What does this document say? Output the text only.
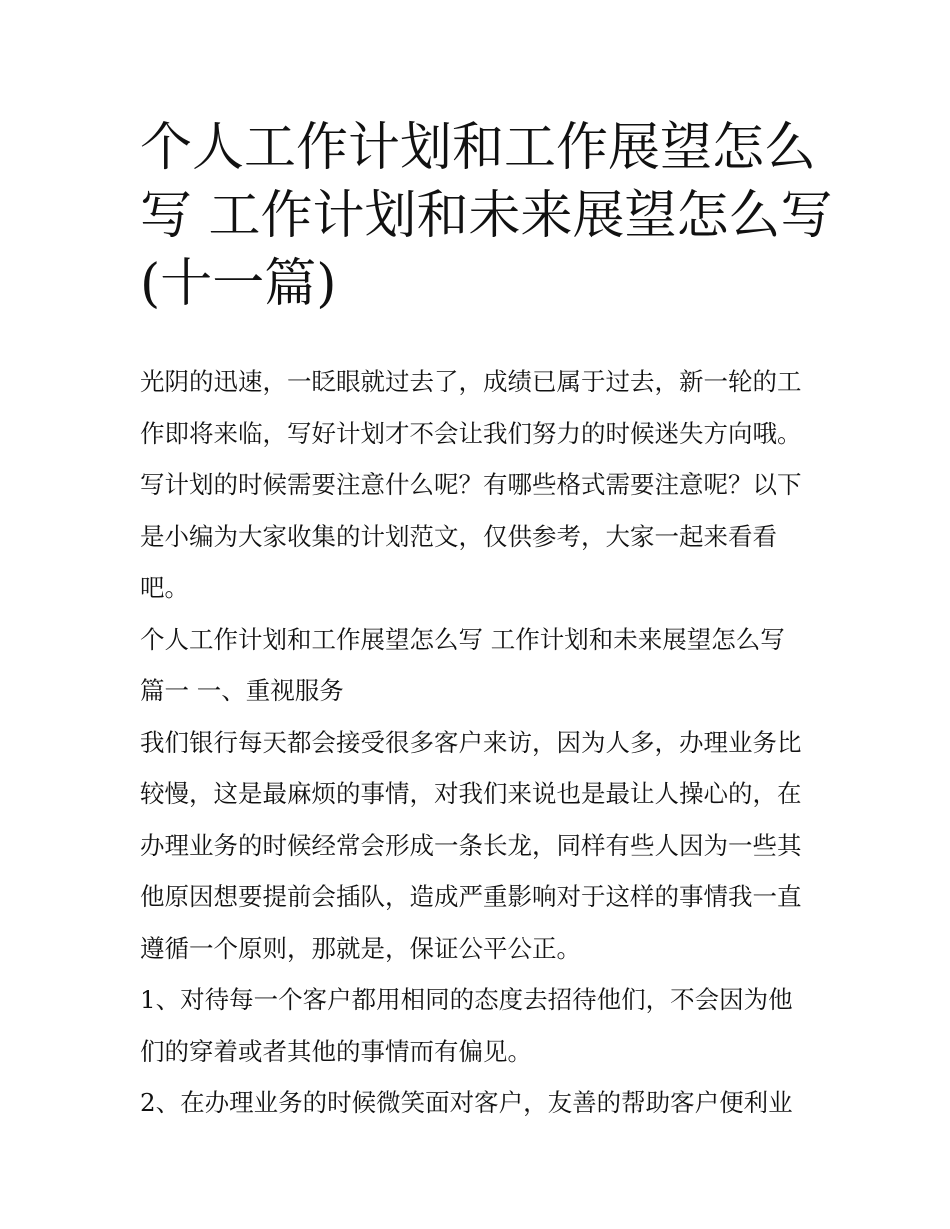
个人工作计划和工作展望怎么
写 工作计划和未来展望怎么写
(十一篇)
光阴的迅速，一眨眼就过去了，成绩已属于过去，新一轮的工
作即将来临，写好计划才不会让我们努力的时候迷失方向哦。
写计划的时候需要注意什么呢？有哪些格式需要注意呢？以下
是小编为大家收集的计划范文，仅供参考，大家一起来看看
吧。
个人工作计划和工作展望怎么写 工作计划和未来展望怎么写
篇一 一、重视服务
我们银行每天都会接受很多客户来访，因为人多，办理业务比
较慢，这是最麻烦的事情，对我们来说也是最让人操心的，在
办理业务的时候经常会形成一条长龙，同样有些人因为一些其
他原因想要提前会插队，造成严重影响对于这样的事情我一直
遵循一个原则，那就是，保证公平公正。
1、对待每一个客户都用相同的态度去招待他们，不会因为他
们的穿着或者其他的事情而有偏见。
2、在办理业务的时候微笑面对客户，友善的帮助客户便利业
